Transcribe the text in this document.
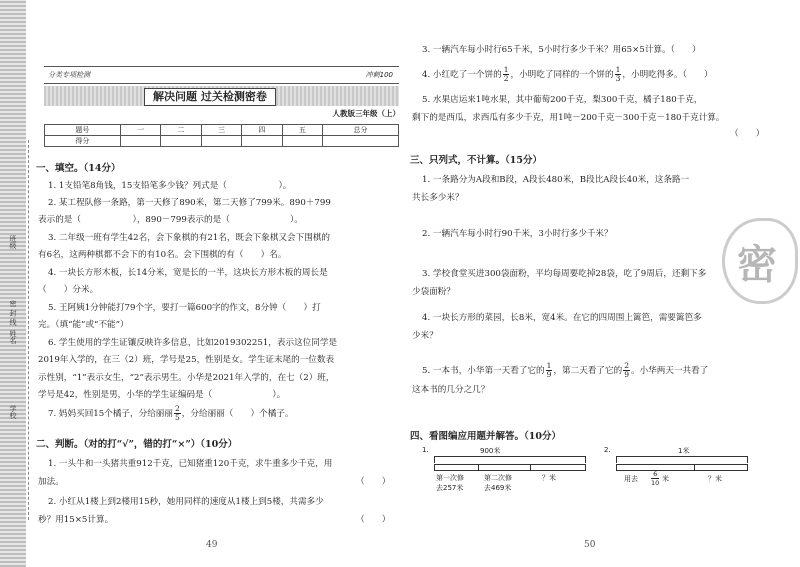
班级
密 封 线
姓名
学校
分类专项检测	冲刺100
解决问题 过关检测密卷
人教版三年级（上）
题号	一	二	三	四	五	总分
得分						
一、填空。（14分）
1. 1支铅笔8角钱，15支铅笔多少钱？列式是（　　　　　　）。
2. 某工程队修一条路，第一天修了890米，第二天修了799米。890＋799
表示的是（　　　　　　），890－799表示的是（　　　　　　　）。
3. 二年级一班有学生42名，会下象棋的有21名，既会下象棋又会下围棋的
有6名，这两种棋都不会下的有10名。会下围棋的有（　　）名。
4. 一块长方形木板，长14分米，宽是长的一半，这块长方形木板的周长是
（　　）分米。
5. 王阿姨1分钟能打79个字，要打一篇600字的作文，8分钟（　　）打
完。（填“能”或“不能”）
6. 学生使用的学生证镶反映许多信息，比如2019302251，表示这位同学是
2019年入学的，在三（2）班，学号是25，性别是女。学生证末尾的一位数表
示性别，“1”表示女生，“2”表示男生。小华是2021年入学的，在七（2）班，
学号是42，性别是男，小华的学生证编码是（　　　　　　　）。
7. 妈妈买回15个橘子，分给丽丽 $\frac{2}{5}$ ，分给丽丽（　　）个橘子。
二、判断。（对的打“√”，错的打“×”）（10分）
1. 一头牛和一头猪共重912千克，已知猪重120千克，求牛重多少千克，用
加法。	（　　）
2. 小红从1楼上到2楼用15秒，她用同样的速度从1楼上到5楼，共需多少
秒？用15×5计算。	（　　）
49
3. 一辆汽车每小时行65千米，5小时行多少千米？用65×5计算。（　　）
4. 小红吃了一个饼的 $\frac{1}{2}$ ，小明吃了同样的一个饼的 $\frac{1}{3}$ ，小明吃得多。（　　）
5. 水果店运来1吨水果，其中葡萄200千克，梨300千克，橘子180千克，
剩下的是西瓜，求西瓜有多少千克，用1吨－200千克－300千克－180千克计算。
（　　）
三、只列式，不计算。（15分）
1. 一条路分为A段和B段，A段长480米，B段比A段长40米，这条路一
共长多少米？
2. 一辆汽车每小时行90千米，3小时行多少千米？
3. 学校食堂买进300袋面粉，平均每周要吃掉28袋，吃了9周后，还剩下多
少袋面粉？
4. 一块长方形的菜园，长8米，宽4米。在它的四周围上篱笆，需要篱笆多
少米？
5. 一本书，小华第一天看了它的 $\frac{1}{9}$ ，第二天看了它的 $\frac{2}{9}$ 。小华两天一共看了
这本书的几分之几？
四、看图编应用题并解答。（10分）
1.	900米
第一次修
去257米
第二次修
去469米
？米
2.	1米
用去 $\frac{6}{10}$ 米	？米
50
密
